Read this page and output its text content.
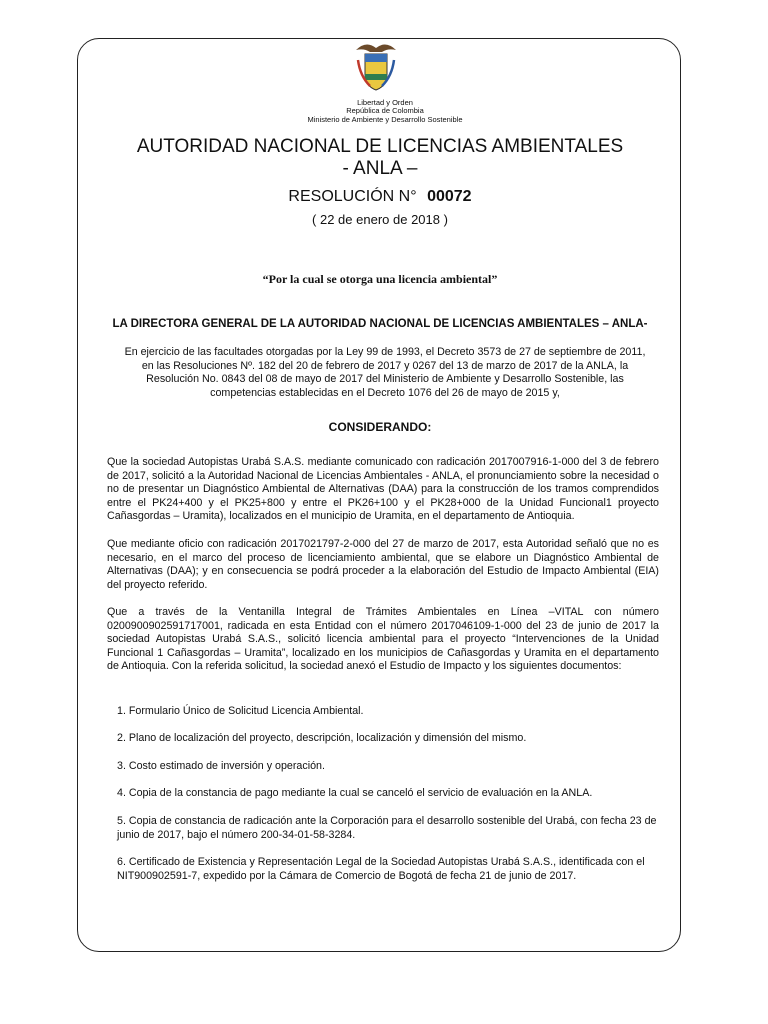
Libertad y Orden
República de Colombia
Ministerio de Ambiente y Desarrollo Sostenible
AUTORIDAD NACIONAL DE LICENCIAS AMBIENTALES
- ANLA –
RESOLUCIÓN N° 00072
( 22 de enero de 2018 )
“Por la cual se otorga una licencia ambiental”
LA DIRECTORA GENERAL DE LA AUTORIDAD NACIONAL DE LICENCIAS AMBIENTALES – ANLA-
En ejercicio de las facultades otorgadas por la Ley 99 de 1993, el Decreto 3573 de 27 de septiembre de 2011,
en las Resoluciones Nº. 182 del 20 de febrero de 2017 y 0267 del 13 de marzo de 2017 de la ANLA, la
Resolución No. 0843 del 08 de mayo de 2017 del Ministerio de Ambiente y Desarrollo Sostenible, las
competencias establecidas en el Decreto 1076 del 26 de mayo de 2015 y,
CONSIDERANDO:

Que la sociedad Autopistas Urabá S.A.S. mediante comunicado con radicación 2017007916-1-000 del 3 de febrero de 2017, solicitó a la Autoridad Nacional de Licencias Ambientales - ANLA, el pronunciamiento sobre la necesidad o no de presentar un Diagnóstico Ambiental de Alternativas (DAA) para la construcción de los tramos comprendidos entre el PK24+400 y el PK25+800 y entre el PK26+100 y el PK28+000 de la Unidad Funcional1 proyecto Cañasgordas – Uramita), localizados en el municipio de Uramita, en el departamento de Antioquia.

Que mediante oficio con radicación 2017021797-2-000 del 27 de marzo de 2017, esta Autoridad señaló que no es necesario, en el marco del proceso de licenciamiento ambiental, que se elabore un Diagnóstico Ambiental de Alternativas (DAA); y en consecuencia se podrá proceder a la elaboración del Estudio de Impacto Ambiental (EIA) del proyecto referido.

Que a través de la Ventanilla Integral de Trámites Ambientales en Línea –VITAL con número 0200900902591717001, radicada en esta Entidad con el número 2017046109-1-000 del 23 de junio de 2017 la sociedad Autopistas Urabá S.A.S., solicitó licencia ambiental para el proyecto “Intervenciones de la Unidad Funcional 1 Cañasgordas – Uramita”, localizado en los municipios de Cañasgordas y Uramita en el departamento de Antioquia. Con la referida solicitud, la sociedad anexó el Estudio de Impacto y los siguientes documentos:

1. Formulario Único de Solicitud Licencia Ambiental.
2. Plano de localización del proyecto, descripción, localización y dimensión del mismo.
3. Costo estimado de inversión y operación.
4. Copia de la constancia de pago mediante la cual se canceló el servicio de evaluación en la ANLA.
5. Copia de constancia de radicación ante la Corporación para el desarrollo sostenible del Urabá, con fecha 23 de junio de 2017, bajo el número 200-34-01-58-3284.
6. Certificado de Existencia y Representación Legal de la Sociedad Autopistas Urabá S.A.S., identificada con el NIT900902591-7, expedido por la Cámara de Comercio de Bogotá de fecha 21 de junio de 2017.
